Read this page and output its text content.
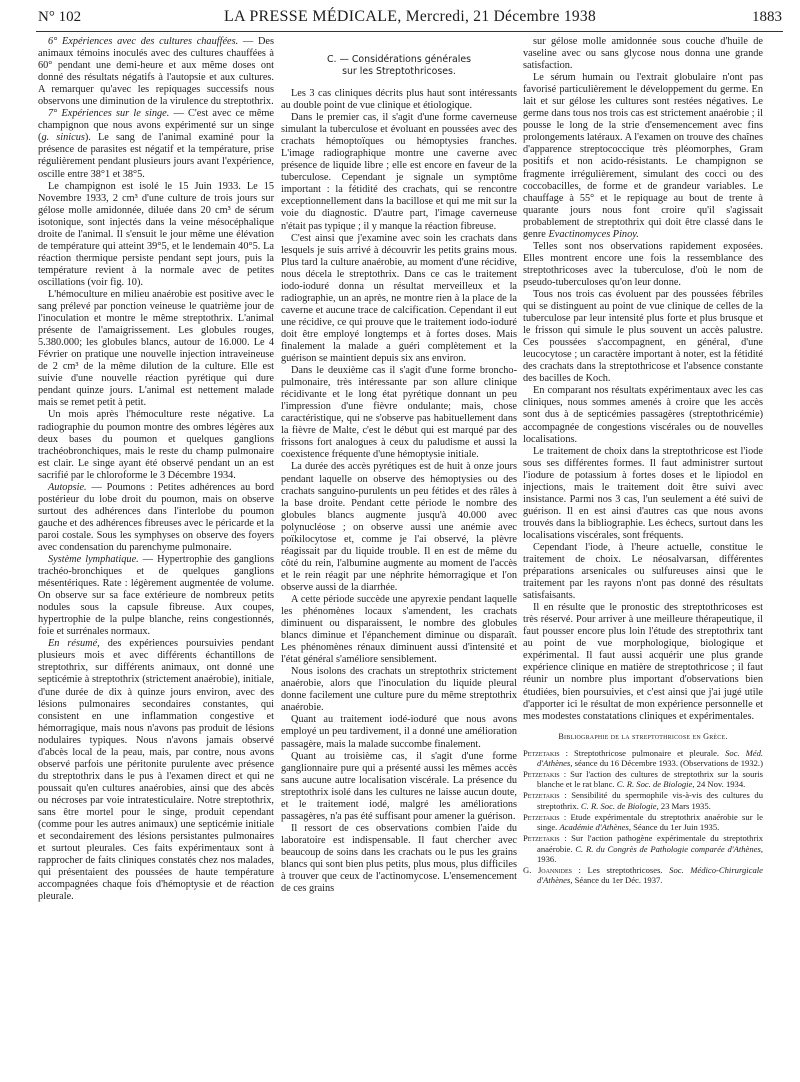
N° 102	LA PRESSE MÉDICALE, Mercredi, 21 Décembre 1938	1883

6° Expériences avec des cultures chauffées. — Des animaux témoins inoculés avec des cultures chauffées à 60° pendant une demi-heure et aux même doses ont donné des résultats négatifs à l'autopsie et aux cultures. A remarquer qu'avec les repiquages successifs nous observons une diminution de la virulence du streptothrix.

7° Expériences sur le singe. — C'est avec ce même champignon que nous avons expérimenté sur un singe (g. sinicus). Le sang de l'animal examiné pour la présence de parasites est négatif et la température, prise régulièrement pendant plusieurs jours avant l'expérience, oscille entre 38°1 et 38°5.

Le champignon est isolé le 15 Juin 1933. Le 15 Novembre 1933, 2 cm³ d'une culture de trois jours sur gélose molle amidonnée, diluée dans 20 cm³ de sérum isotonique, sont injectés dans la veine mésocéphalique droite de l'animal. Il s'ensuit le jour même une élévation de température qui atteint 39°5, et le lendemain 40°5. La réaction thermique persiste pendant sept jours, puis la température revient à la normale avec de petites oscillations (voir fig. 10).

L'hémoculture en milieu anaérobie est positive avec le sang prélevé par ponction veineuse le quatrième jour de l'inoculation et montre le même streptothrix. L'animal présente de l'amaigrissement. Les globules rouges, 5.380.000; les globules blancs, autour de 16.000. Le 4 Février on pratique une nouvelle injection intraveineuse de 2 cm³ de la même dilution de la culture. Elle est suivie d'une nouvelle réaction pyrétique qui dure pendant quinze jours. L'animal est nettement malade mais se remet petit à petit.

Un mois après l'hémoculture reste négative. La radiographie du poumon montre des ombres légères aux deux bases du poumon et quelques ganglions trachéobronchiques, mais le reste du champ pulmonaire est clair. Le singe ayant été observé pendant un an est sacrifié par le chloroforme le 3 Décembre 1934.

Autopsie. — Poumons : Petites adhérences au bord postérieur du lobe droit du poumon, mais on observe surtout des adhérences dans l'interlobe du poumon gauche et des adhérences fibreuses avec le péricarde et la paroi costale. Sous les symphyses on observe des foyers avec condensation du parenchyme pulmonaire.

Système lymphatique. — Hypertrophie des ganglions trachéo-bronchiques et de quelques ganglions mésentériques. Rate : légèrement augmentée de volume. On observe sur sa face extérieure de nombreux petits nodules sous la capsule fibreuse. Aux coupes, hypertrophie de la pulpe blanche, reins congestionnés, foie et surrénales normaux.

En résumé, des expériences poursuivies pendant plusieurs mois et avec différents échantillons de streptothrix, sur différents animaux, ont donné une septicémie à streptothrix (strictement anaérobie), initiale, d'une durée de dix à quinze jours environ, avec des lésions pulmonaires secondaires constantes, qui consistent en une inflammation congestive et hémorragique, mais nous n'avons pas produit de lésions nodulaires typiques. Nous n'avons jamais observé d'abcès local de la peau, mais, par contre, nous avons observé parfois une péritonite purulente avec présence du streptothrix dans le pus à l'examen direct et qui ne poussait qu'en cultures anaérobies, ainsi que des abcès ou nécroses par voie intratesticulaire. Notre streptothrix, sans être mortel pour le singe, produit cependant (comme pour les autres animaux) une septicémie initiale et secondairement des lésions persistantes pulmonaires et surtout pleurales. Ces faits expérimentaux sont à rapprocher de faits cliniques constatés chez nos malades, qui présentaient des poussées de haute température accompagnées chaque fois d'hémoptysie et de réaction pleurale.

C. — Considérations générales
sur les Streptothricoses.

Les 3 cas cliniques décrits plus haut sont intéressants au double point de vue clinique et étiologique.

Dans le premier cas, il s'agit d'une forme caverneuse simulant la tuberculose et évoluant en poussées avec des crachats hémoptoïques ou hémoptysies franches. L'image radiographique montre une caverne avec présence de liquide libre ; elle est encore en faveur de la tuberculose. Cependant je signale un symptôme important : la fétidité des crachats, qui se rencontre exceptionnellement dans la bacillose et qui me mit sur la voie du diagnostic. D'autre part, l'image caverneuse n'était pas typique ; il y manque la réaction fibreuse.

C'est ainsi que j'examine avec soin les crachats dans lesquels je suis arrivé à découvrir les petits grains mous. Plus tard la culture anaérobie, au moment d'une récidive, nous décela le streptothrix. Dans ce cas le traitement iodo-ioduré donna un résultat merveilleux et la radiographie, un an après, ne montre rien à la place de la caverne et aucune trace de calcification. Cependant il eut une récidive, ce qui prouve que le traitement iodo-ioduré doit être employé longtemps et à fortes doses. Mais finalement la malade a guéri complètement et la guérison se maintient depuis six ans environ.

Dans le deuxième cas il s'agit d'une forme broncho-pulmonaire, très intéressante par son allure clinique récidivante et le long état pyrétique donnant un peu l'impression d'une fièvre ondulante; mais, chose caractéristique, qui ne s'observe pas habituellement dans la fièvre de Malte, c'est le début qui est marqué par des frissons fort analogues à ceux du paludisme et aussi la coexistence fréquente d'une hémoptysie initiale.

La durée des accès pyrétiques est de huit à onze jours pendant laquelle on observe des hémoptysies ou des crachats sanguino-purulents un peu fétides et des râles à la base droite. Pendant cette période le nombre des globules blancs augmente jusqu'à 40.000 avec polynucléose ; on observe aussi une anémie avec poïkilocytose et, comme je l'ai observé, la plèvre réagissait par du liquide trouble. Il en est de même du côté du rein, l'albumine augmente au moment de l'accès et le rein réagit par une néphrite hémorragique et l'on observe aussi de la diarrhée.

A cette période succède une apyrexie pendant laquelle les phénomènes locaux s'amendent, les crachats diminuent ou disparaissent, le nombre des globules blancs diminue et l'épanchement diminue ou disparaît. Les phénomènes rénaux diminuent aussi d'intensité et l'état général s'améliore sensiblement.

Nous isolons des crachats un streptothrix strictement anaérobie, alors que l'inoculation du liquide pleural donne facilement une culture pure du même streptothrix anaérobie.

Quant au traitement iodé-ioduré que nous avons employé un peu tardivement, il a donné une amélioration passagère, mais la malade succombe finalement.

Quant au troisième cas, il s'agit d'une forme ganglionnaire pure qui a présenté aussi les mêmes accès sans aucune autre localisation viscérale. La présence du streptothrix isolé dans les cultures ne laisse aucun doute, et le traitement iodé, malgré les améliorations passagères, n'a pas été suffisant pour amener la guérison.

Il ressort de ces observations combien l'aide du laboratoire est indispensable. Il faut chercher avec beaucoup de soins dans les crachats ou le pus les grains blancs qui sont bien plus petits, plus mous, plus difficiles à trouver que ceux de l'actinomycose. L'ensemencement de ces grains

sur gélose molle amidonnée sous couche d'huile de vaseline avec ou sans glycose nous donna une grande satisfaction.

Le sérum humain ou l'extrait globulaire n'ont pas favorisé particulièrement le développement du germe. En lait et sur gélose les cultures sont restées négatives. Le germe dans tous nos trois cas est strictement anaérobie ; il pousse le long de la strie d'ensemencement avec fins prolongements latéraux. A l'examen on trouve des chaînes d'apparence streptococcique très pléomorphes, Gram positifs et non acido-résistants. Le champignon se fragmente irrégulièrement, simulant des cocci ou des coccobacilles, de forme et de grandeur variables. Le chauffage à 55° et le repiquage au bout de trente à quarante jours nous font croire qu'il s'agissait probablement de streptothrix qui doit être classé dans le genre Evactinomyces Pinoy.

Telles sont nos observations rapidement exposées. Elles montrent encore une fois la ressemblance des streptothricoses avec la tuberculose, d'où le nom de pseudo-tuberculoses qu'on leur donne.

Tous nos trois cas évoluent par des poussées fébriles qui se distinguent au point de vue clinique de celles de la tuberculose par leur intensité plus forte et plus brusque et le frisson qui simule le plus souvent un accès palustre. Ces poussées s'accompagnent, en général, d'une leucocytose ; un caractère important à noter, est la fétidité des crachats dans la streptothricose et l'absence constante des bacilles de Koch.

En comparant nos résultats expérimentaux avec les cas cliniques, nous sommes amenés à croire que les accès sont dus à de septicémies passagères (streptothricémie) accompagnée de congestions viscérales ou de nouvelles localisations.

Le traitement de choix dans la streptothricose est l'iode sous ses différentes formes. Il faut administrer surtout l'iodure de potassium à fortes doses et le lipiodol en injections, mais le traitement doit être suivi avec insistance. Parmi nos 3 cas, l'un seulement a été suivi de guérison. Il en est ainsi d'autres cas que nous avons trouvés dans la bibliographie. Les échecs, surtout dans les localisations viscérales, sont fréquents.

Cependant l'iode, à l'heure actuelle, constitue le traitement de choix. Le néosalvarsan, différentes préparations arsenicales ou sulfureuses ainsi que le traitement par les rayons n'ont pas donné des résultats satisfaisants.

Il en résulte que le pronostic des streptothricoses est très réservé. Pour arriver à une meilleure thérapeutique, il faut pousser encore plus loin l'étude des streptothrix tant au point de vue morphologique, biologique et expérimental. Il faut aussi acquérir une plus grande expérience clinique en matière de streptothricose ; il faut réunir un nombre plus important d'observations bien étudiées, bien poursuivies, et c'est ainsi que j'ai jugé utile d'apporter ici le résultat de mon expérience personnelle et mes modestes constatations cliniques et expérimentales.

Bibliographie de la streptothricose en Grèce.
Petzetakis : Streptothricose pulmonaire et pleurale. Soc. Méd. d'Athènes, séance du 16 Décembre 1933. (Observations de 1932.)
Petzetakis : Sur l'action des cultures de streptothrix sur la souris blanche et le rat blanc. C. R. Soc. de Biologie, 24 Nov. 1934.
Petzetakis : Sensibilité du spermophile vis-à-vis des cultures du streptothrix. C. R. Soc. de Biologie, 23 Mars 1935.
Petzetakis : Etude expérimentale du streptothrix anaérobie sur le singe. Académie d'Athènes, Séance du 1er Juin 1935.
Petzetakis : Sur l'action pathogène expérimentale du streptothrix anaérobie. C. R. du Congrès de Pathologie comparée d'Athènes, 1936.
G. Joannides : Les streptothricoses. Soc. Médico-Chirurgicale d'Athènes, Séance du 1er Déc. 1937.
